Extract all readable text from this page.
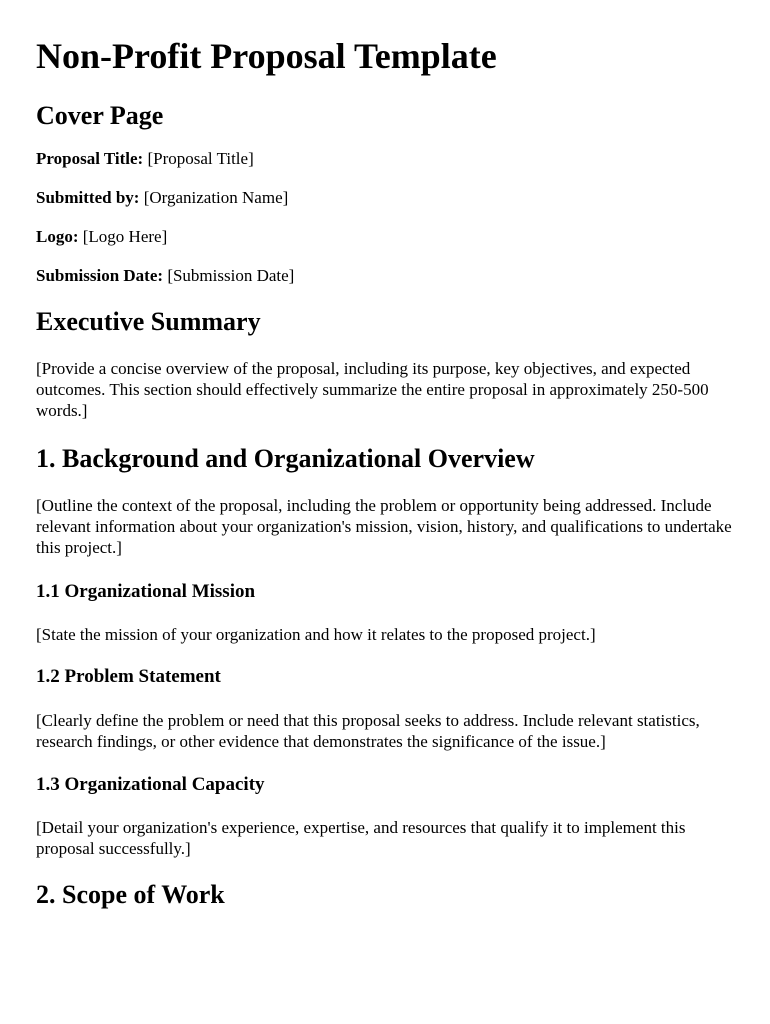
Non-Profit Proposal Template
Cover Page

Proposal Title: [Proposal Title]

Submitted by: [Organization Name]

Logo: [Logo Here]

Submission Date: [Submission Date]

Executive Summary

[Provide a concise overview of the proposal, including its purpose, key objectives, and expected outcomes. This section should effectively summarize the entire proposal in approximately 250-500 words.]

1. Background and Organizational Overview

[Outline the context of the proposal, including the problem or opportunity being addressed. Include relevant information about your organization's mission, vision, history, and qualifications to undertake this project.]

1.1 Organizational Mission

[State the mission of your organization and how it relates to the proposed project.]

1.2 Problem Statement

[Clearly define the problem or need that this proposal seeks to address. Include relevant statistics, research findings, or other evidence that demonstrates the significance of the issue.]

1.3 Organizational Capacity

[Detail your organization's experience, expertise, and resources that qualify it to implement this proposal successfully.]

2. Scope of Work
